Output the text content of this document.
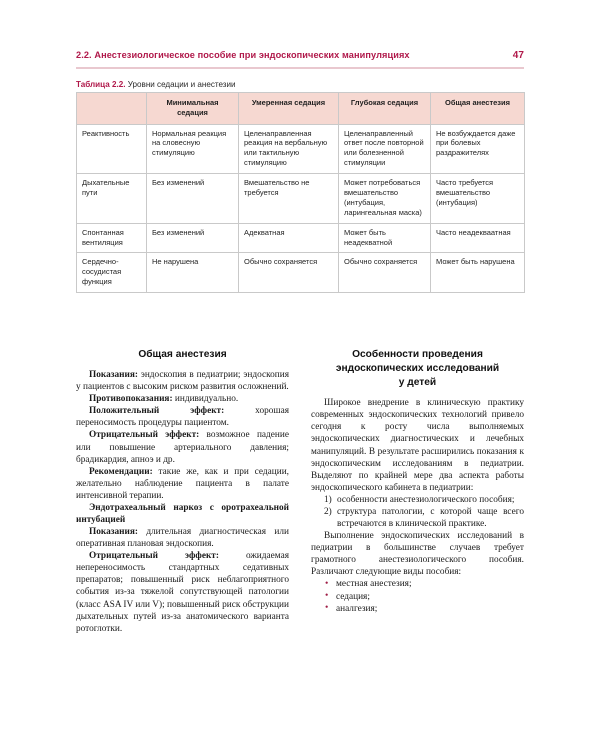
2.2. Анестезиологическое пособие при эндоскопических манипуляциях	47
Таблица 2.2. Уровни седации и анестезии
	Минимальная седация	Умеренная седация	Глубокая седация	Общая анестезия
Реактивность	Нормальная реакция на словесную стимуляцию	Целенаправленная реакция на вербальную или тактильную стимуляцию	Целенаправленный ответ после повторной или болезненной стимуляции	Не возбуждается даже при болевых раздражителях
Дыхательные пути	Без изменений	Вмешательство не требуется	Может потребоваться вмешательство (интубация, ларингеальная маска)	Часто требуется вмешательство (интубация)
Спонтанная вентиляция	Без изменений	Адекватная	Может быть неадекватной	Часто неадекваатная
Сердечно-сосудистая функция	Не нарушена	Обычно сохраняется	Обычно сохраняется	Может быть нарушена
Общая анестезия

Показания: эндоскопия в педиатрии; эндоскопия у пациентов с высоким риском развития осложнений.

Противопоказания: индивидуально.

Положительный эффект: хорошая переносимость процедуры пациентом.

Отрицательный эффект: возможное падение или повышение артериального давления; брадикардия, апноэ и др.

Рекомендации: такие же, как и при седации, желательно наблюдение пациента в палате интенсивной терапии.

Эндотрахеальный наркоз с оротрахеальной интубацией

Показания: длительная диагностическая или оперативная плановая эндоскопия.

Отрицательный эффект: ожидаемая непереносимость стандартных седативных препаратов; повышенный риск неблагоприятного события из-за тяжелой сопутствующей патологии (класс ASA IV или V); повышенный риск обструкции дыхательных путей из-за анатомического варианта ротоглотки.

Особенности проведения
эндоскопических исследований
у детей

Широкое внедрение в клиническую практику современных эндоскопических технологий привело сегодня к росту числа выполняемых эндоскопических диагностических и лечебных манипуляций. В результате расширились показания к эндоскопическим исследованиям в педиатрии. Выделяют по крайней мере два аспекта работы эндоскопического кабинета в педиатрии:

особенности анестезиологического пособия;
структура патологии, с которой чаще всего встречаются в клинической практике.

Выполнение эндоскопических исследований в педиатрии в большинстве случаев требует грамотного анестезиологического пособия. Различают следующие виды пособия:

• местная анестезия;
• седация;
• аналгезия;
